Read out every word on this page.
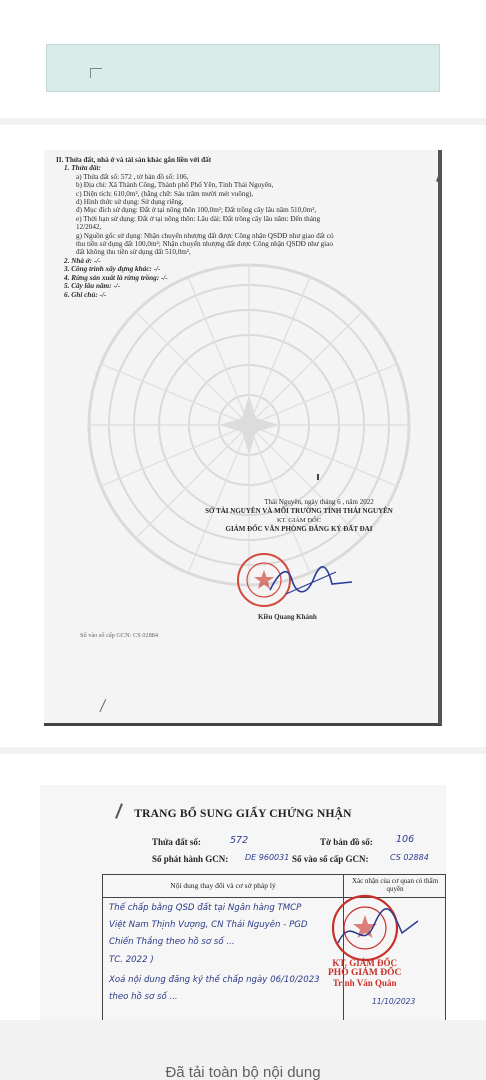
II. Thửa đất, nhà ở và tài sản khác gắn liền với đất
1. Thửa đất:
a) Thửa đất số: 572 , tờ bản đồ số: 106,
b) Địa chỉ: Xã Thành Công, Thành phố Phổ Yên, Tỉnh Thái Nguyên,
c) Diện tích: 610,0m², (bằng chữ: Sáu trăm mười mét vuông),
d) Hình thức sử dụng: Sử dụng riêng,
đ) Mục đích sử dụng: Đất ở tại nông thôn 100,0m²; Đất trồng cây lâu năm 510,0m²,
e) Thời hạn sử dụng: Đất ở tại nông thôn: Lâu dài; Đất trồng cây lâu năm: Đến tháng
12/2042,
g) Nguồn gốc sử dụng: Nhận chuyển nhượng đất được Công nhận QSDĐ như giao đất có
thu tiền sử dụng đất 100,0m²; Nhận chuyển nhượng đất được Công nhận QSDĐ như giao
đất không thu tiền sử dụng đất 510,0m²,
2. Nhà ở: -/-
3. Công trình xây dựng khác: -/-
4. Rừng sản xuất là rừng trồng: -/-
5. Cây lâu năm: -/-
6. Ghi chú: -/-
Thái Nguyên, ngày tháng 6 , năm 2022
SỞ TÀI NGUYÊN VÀ MÔI TRƯỜNG TỈNH THÁI NGUYÊN
KT. GIÁM ĐỐC
GIÁM ĐỐC VĂN PHÒNG ĐĂNG KÝ ĐẤT ĐAI
Kiều Quang Khánh
Số vào sổ cấp GCN: CS 02884
TRANG BỔ SUNG GIẤY CHỨNG NHẬN
Thửa đất số:	572	Tờ bản đồ số: 106
Số phát hành GCN: DE 960031 Số vào sổ cấp GCN:	CS 02884
Nội dung thay đổi và cơ sở pháp lý	Xác nhận của cơ quan có thẩm quyền
Thế chấp bằng QSD đất tại Ngân hàng TMCP
Việt Nam Thịnh Vượng, CN Thái Nguyên - PGD
Chiến Thắng theo hồ sơ số ...
TC. 2022 )
Xoá nội dung đăng ký thế chấp ngày 06/10/2023
theo hồ sơ số ...
KT. GIÁM ĐỐC
PHÓ GIÁM ĐỐC
Trịnh Văn Quân
11/10/2023
Đã tải toàn bộ nội dung
